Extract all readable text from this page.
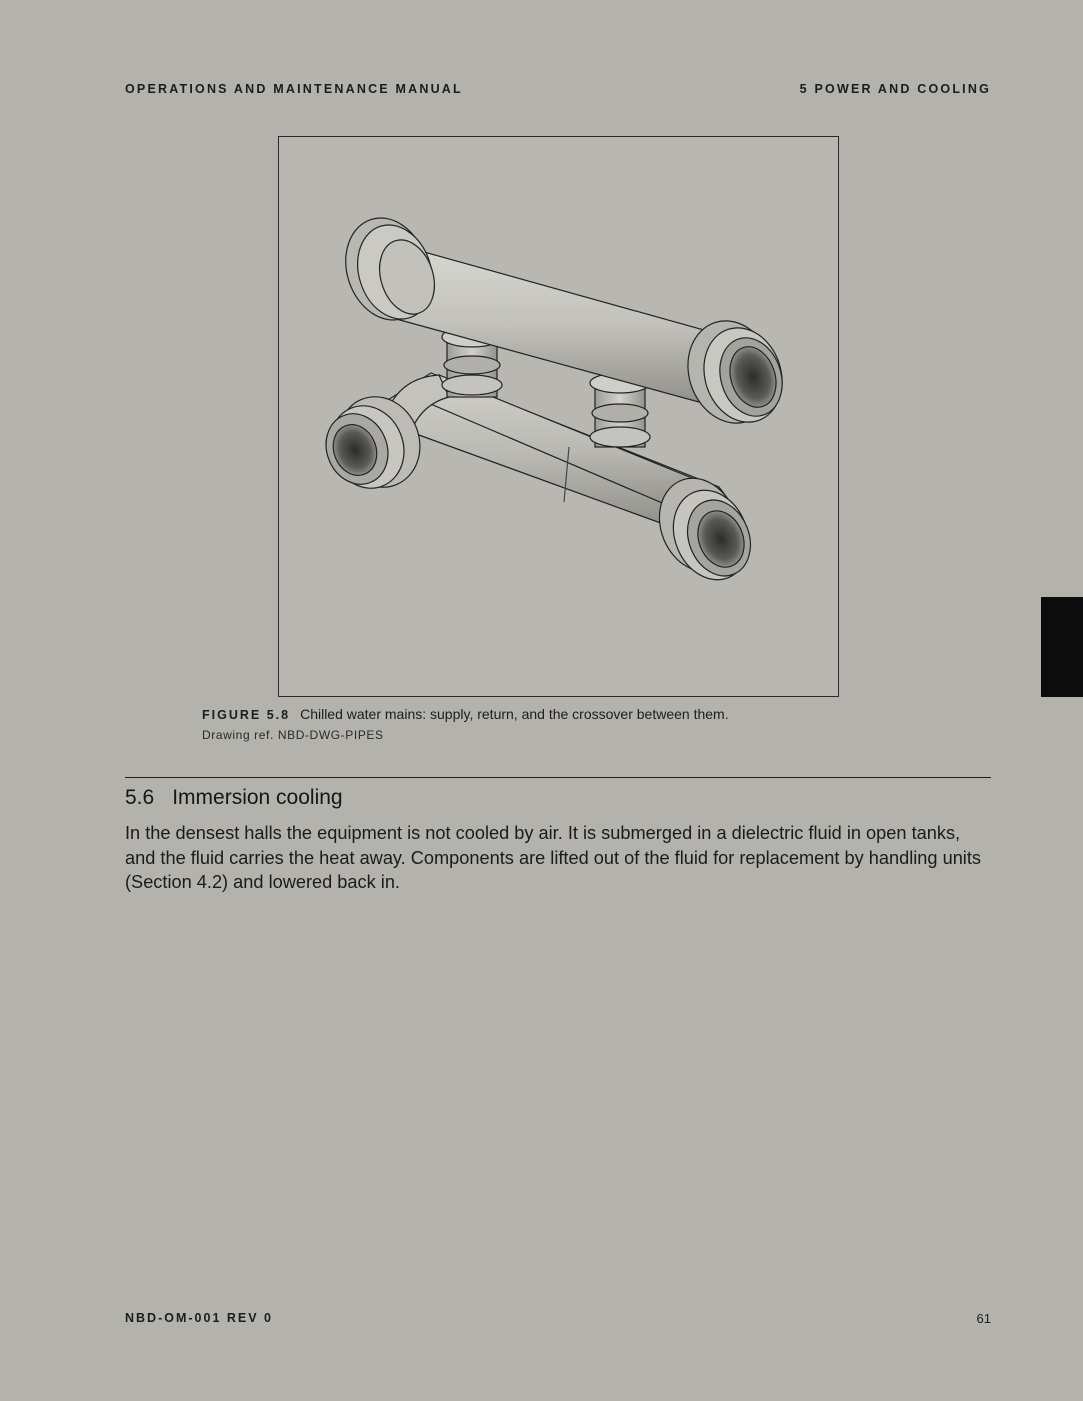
OPERATIONS AND MAINTENANCE MANUAL	5 POWER AND COOLING
FIGURE 5.8 Chilled water mains: supply, return, and the crossover between them.
Drawing ref. NBD-DWG-PIPES
5.6 Immersion cooling

In the densest halls the equipment is not cooled by air. It is submerged in a dielectric fluid in open tanks, and the fluid carries the heat away. Components are lifted out of the fluid for replacement by handling units (Section 4.2) and lowered back in.

NBD-OM-001 REV 0	61
